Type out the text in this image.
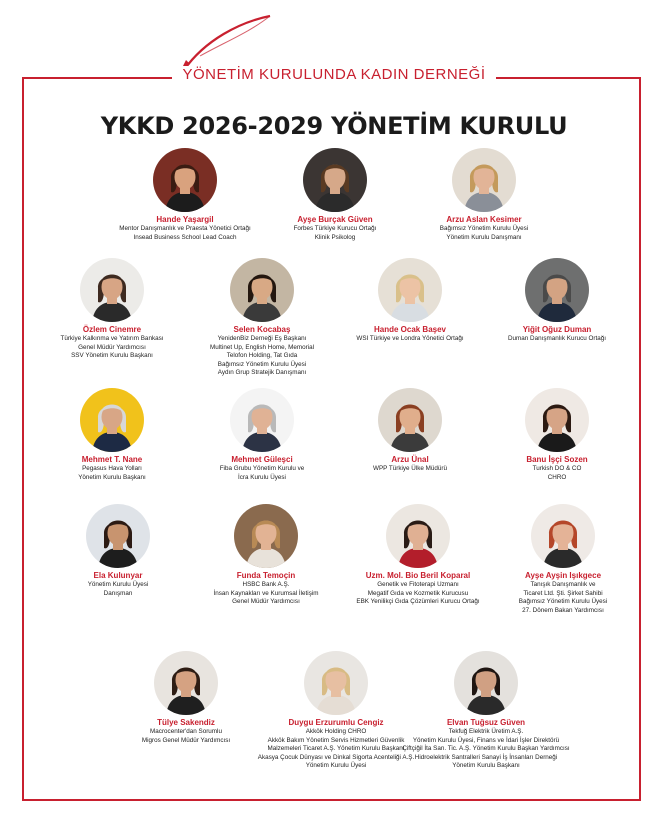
YÖNETİM KURULUNDA KADIN DERNEĞİ
YKKD 2026-2029 YÖNETİM KURULU
Hande Yaşargil
Mentor Danışmanlık ve Praesta Yönetici Ortağı
Insead Business School Lead Coach
Ayşe Burçak Güven
Forbes Türkiye Kurucu Ortağı
Klinik Psikolog
Arzu Aslan Kesimer
Bağımsız Yönetim Kurulu Üyesi
Yönetim Kurulu Danışmanı
Özlem Cinemre
Türkiye Kalkınma ve Yatırım Bankası
Genel Müdür Yardımcısı
SSV Yönetim Kurulu Başkanı
Selen Kocabaş
YenidenBiz Derneği Eş Başkanı
Multinet Up, English Home, Memorial
Telofon Holding, Tat Gıda
Bağımsız Yönetim Kurulu Üyesi
Aydın Grup Stratejik Danışmanı
Hande Ocak Başev
WSI Türkiye ve Londra Yönetici Ortağı
Yiğit Oğuz Duman
Duman Danışmanlık Kurucu Ortağı
Mehmet T. Nane
Pegasus Hava Yolları
Yönetim Kurulu Başkanı
Mehmet Güleşci
Fiba Grubu Yönetim Kurulu ve
İcra Kurulu Üyesi
Arzu Ünal
WPP Türkiye Ülke Müdürü
Banu İşçi Sozen
Turkish DO & CO
CHRO
Ela Kulunyar
Yönetim Kurulu Üyesi
Danışman
Funda Temoçin
HSBC Bank A.Ş.
İnsan Kaynakları ve Kurumsal İletişim
Genel Müdür Yardımcısı
Uzm. Mol. Bio Beril Koparal
Genetik ve Fitoterapi Uzmanı
Megatif Gıda ve Kozmetik Kurucusu
EBK Yenilikçi Gıda Çözümleri Kurucu Ortağı
Ayşe Ayşin Işıkgece
Tanışık Danışmanlık ve
Ticaret Ltd. Şti. Şirket Sahibi
Bağımsız Yönetim Kurulu Üyesi
27. Dönem Bakan Yardımcısı
Tülye Sakendiz
Macrocenter'dan Sorumlu
Migros Genel Müdür Yardımcısı
Duygu Erzurumlu Cengiz
Akkök Holding CHRO
Akkök Bakım Yönetim Servis Hizmetleri Güvenlik
Malzemeleri Ticaret A.Ş. Yönetim Kurulu Başkanı
Akasya Çocuk Dünyası ve Dinkal Sigorta Acenteliği A.Ş.
Yönetim Kurulu Üyesi
Elvan Tuğsuz Güven
Tekfuğ Elektrik Üretim A.Ş.
Yönetim Kurulu Üyesi, Finans ve İdari İşler Direktörü
Çiftçiğil İta San. Tic. A.Ş. Yönetim Kurulu Başkan Yardımcısı
Hidroelektrik Santralleri Sanayi İş İnsanları Derneği
Yönetim Kurulu Başkanı
